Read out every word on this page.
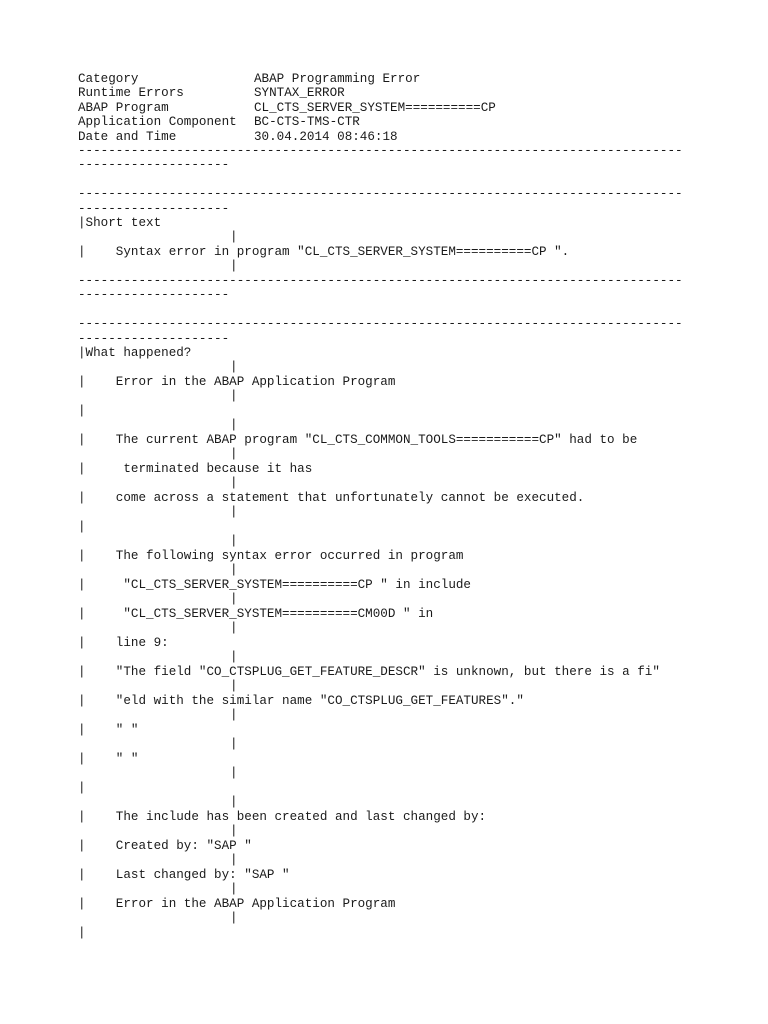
Category	ABAP Programming Error
Runtime Errors	SYNTAX_ERROR
ABAP Program	CL_CTS_SERVER_SYSTEM==========CP
Application Component	BC-CTS-TMS-CTR
Date and Time	30.04.2014 08:46:18
--------------------------------------------------------------------------------
--------------------
--------------------------------------------------------------------------------
--------------------
|Short text
|
|    Syntax error in program "CL_CTS_SERVER_SYSTEM==========CP ".
|
--------------------------------------------------------------------------------
--------------------
--------------------------------------------------------------------------------
--------------------
|What happened?
|
|    Error in the ABAP Application Program
|
|
|
|    The current ABAP program "CL_CTS_COMMON_TOOLS===========CP" had to be
|
|     terminated because it has
|
|    come across a statement that unfortunately cannot be executed.
|
|
|
|    The following syntax error occurred in program
|
|     "CL_CTS_SERVER_SYSTEM==========CP " in include
|
|     "CL_CTS_SERVER_SYSTEM==========CM00D " in
|
|    line 9:
|
|    "The field "CO_CTSPLUG_GET_FEATURE_DESCR" is unknown, but there is a fi"
|
|    "eld with the similar name "CO_CTSPLUG_GET_FEATURES"."
|
|    " "
|
|    " "
|
|
|
|    The include has been created and last changed by:
|
|    Created by: "SAP "
|
|    Last changed by: "SAP "
|
|    Error in the ABAP Application Program
|
|
